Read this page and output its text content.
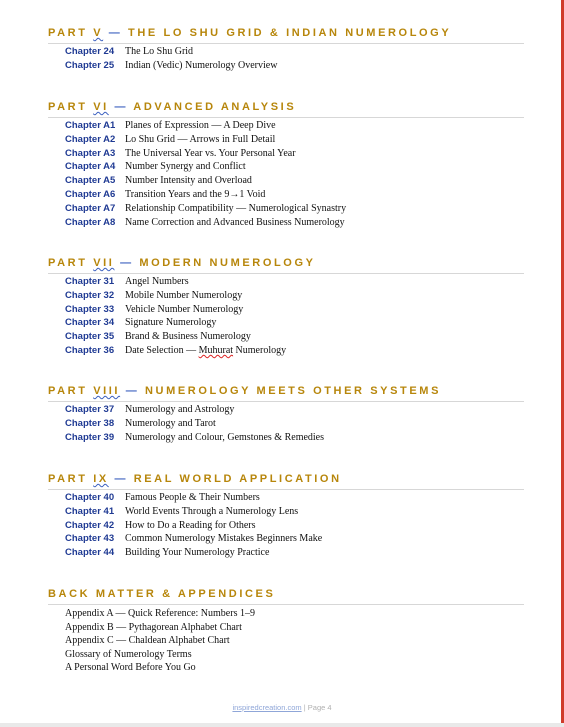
PART V — THE LO SHU GRID & INDIAN NUMEROLOGY
Chapter 24	The Lo Shu Grid
Chapter 25	Indian (Vedic) Numerology Overview
PART VI — ADVANCED ANALYSIS
Chapter A1 Planes of Expression — A Deep Dive
Chapter A2 Lo Shu Grid — Arrows in Full Detail
Chapter A3 The Universal Year vs. Your Personal Year
Chapter A4 Number Synergy and Conflict
Chapter A5 Number Intensity and Overload
Chapter A6 Transition Years and the 9→1 Void
Chapter A7 Relationship Compatibility — Numerological Synastry
Chapter A8 Name Correction and Advanced Business Numerology
PART VII — MODERN NUMEROLOGY
Chapter 31	Angel Numbers
Chapter 32	Mobile Number Numerology
Chapter 33	Vehicle Number Numerology
Chapter 34	Signature Numerology
Chapter 35	Brand & Business Numerology
Chapter 36	Date Selection — Muhurat Numerology
PART VIII — NUMEROLOGY MEETS OTHER SYSTEMS
Chapter 37	Numerology and Astrology
Chapter 38	Numerology and Tarot
Chapter 39	Numerology and Colour, Gemstones & Remedies
PART IX — REAL WORLD APPLICATION
Chapter 40	Famous People & Their Numbers
Chapter 41	World Events Through a Numerology Lens
Chapter 42	How to Do a Reading for Others
Chapter 43	Common Numerology Mistakes Beginners Make
Chapter 44	Building Your Numerology Practice
BACK MATTER & APPENDICES
Appendix A — Quick Reference: Numbers 1–9
Appendix B — Pythagorean Alphabet Chart
Appendix C — Chaldean Alphabet Chart
Glossary of Numerology Terms
A Personal Word Before You Go
inspiredcreation.com | Page 4
